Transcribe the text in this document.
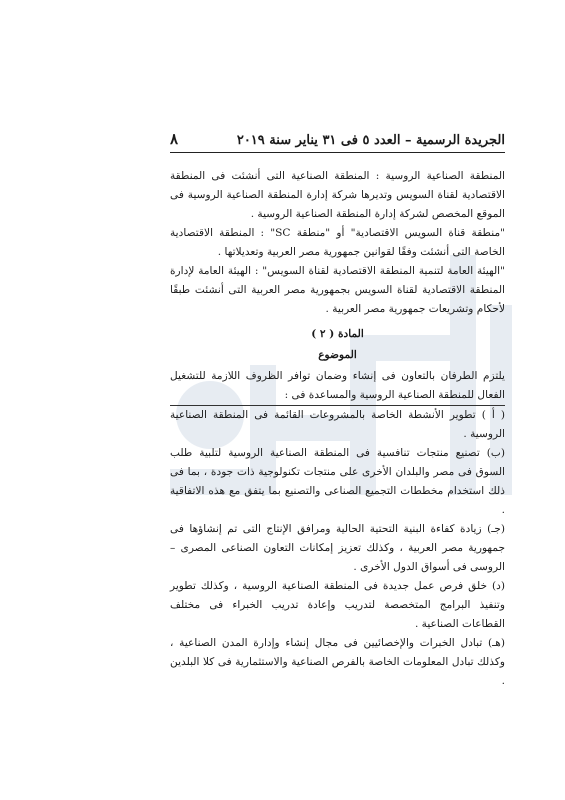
الجريدة الرسمية – العدد ٥ فى ٣١ يناير سنة ٢٠١٩
٨

المنطقة الصناعية الروسية : المنطقة الصناعية التى أنشئت فى المنطقة الاقتصادية لقناة السويس وتديرها شركة إدارة المنطقة الصناعية الروسية فى الموقع المخصص لشركة إدارة المنطقة الصناعية الروسية .

"منطقة قناة السويس الاقتصادية" أو "منطقة SC" : المنطقة الاقتصادية الخاصة التى أنشئت وفقًا لقوانين جمهورية مصر العربية وتعديلاتها .

"الهيئة العامة لتنمية المنطقة الاقتصادية لقناة السويس" : الهيئة العامة لإدارة المنطقة الاقتصادية لقناة السويس بجمهورية مصر العربية التى أنشئت طبقًا لأحكام وتشريعات جمهورية مصر العربية .

المادة ( ٢ )

الموضوع

يلتزم الطرفان بالتعاون فى إنشاء وضمان توافر الظروف اللازمة للتشغيل الفعال للمنطقة الصناعية الروسية والمساعدة فى :

( أ ) تطوير الأنشطة الخاصة بالمشروعات القائمة فى المنطقة الصناعية الروسية .

(ب) تصنيع منتجات تنافسية فى المنطقة الصناعية الروسية لتلبية طلب السوق فى مصر والبلدان الأخرى على منتجات تكنولوجية ذات جودة ، بما فى ذلك استخدام مخططات التجميع الصناعى والتصنيع بما يتفق مع هذه الاتفاقية .

(جـ) زيادة كفاءة البنية التحتية الحالية ومرافق الإنتاج التى تم إنشاؤها فى جمهورية مصر العربية ، وكذلك تعزيز إمكانات التعاون الصناعى المصرى – الروسى فى أسواق الدول الأخرى .

(د) خلق فرص عمل جديدة فى المنطقة الصناعية الروسية ، وكذلك تطوير وتنفيذ البرامج المتخصصة لتدريب وإعادة تدريب الخبراء فى مختلف القطاعات الصناعية .

(هـ) تبادل الخبرات والإخصائيين فى مجال إنشاء وإدارة المدن الصناعية ، وكذلك تبادل المعلومات الخاصة بالفرص الصناعية والاستثمارية فى كلا البلدين .
